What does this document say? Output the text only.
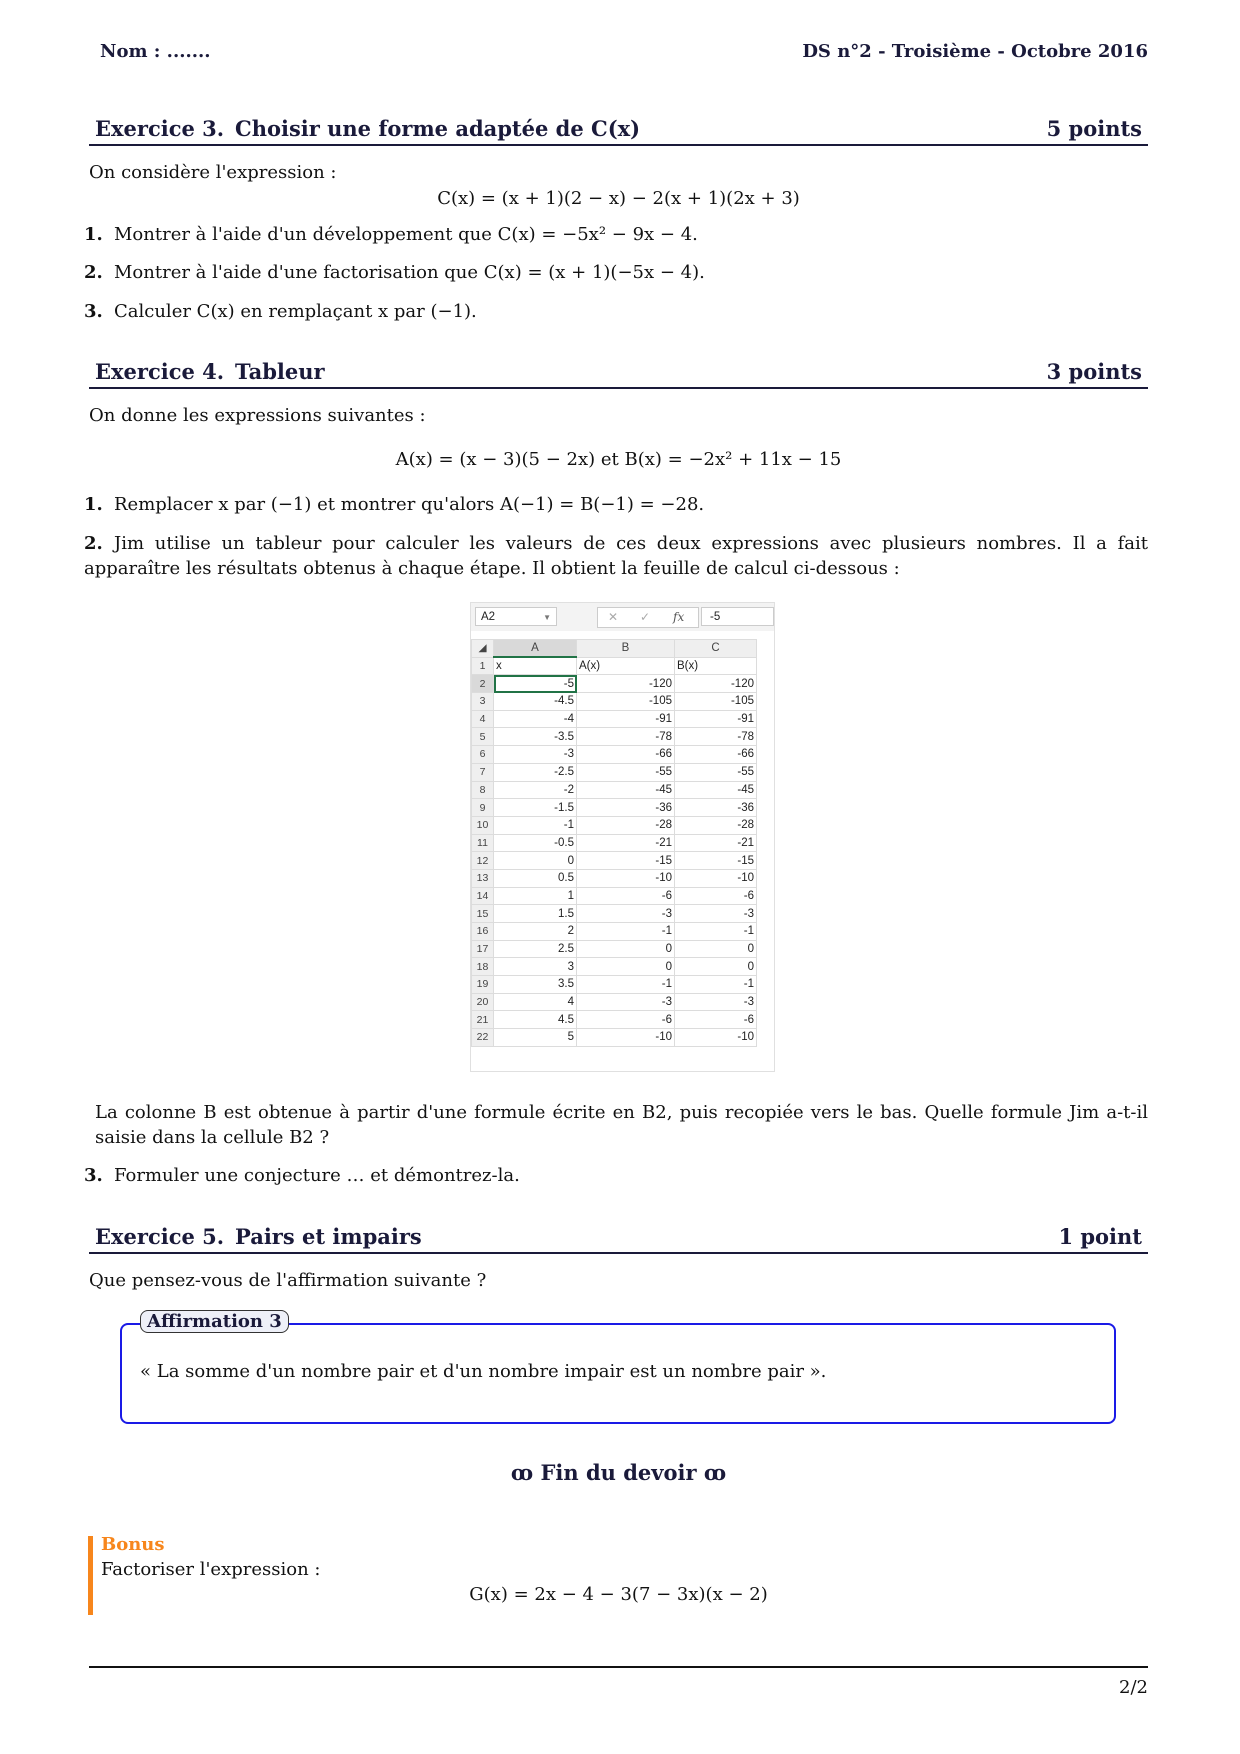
Nom : .......	DS n°2 - Troisième - Octobre 2016
Exercice 3. Choisir une forme adaptée de C(x)	5 points
On considère l'expression :
C(x) = (x + 1)(2 − x) − 2(x + 1)(2x + 3)
1. Montrer à l'aide d'un développement que C(x) = −5x² − 9x − 4.
2. Montrer à l'aide d'une factorisation que C(x) = (x + 1)(−5x − 4).
3. Calculer C(x) en remplaçant x par (−1).
Exercice 4. Tableur	3 points
On donne les expressions suivantes :
A(x) = (x − 3)(5 − 2x) et B(x) = −2x² + 11x − 15
1. Remplacer x par (−1) et montrer qu'alors A(−1) = B(−1) = −28.
2. Jim utilise un tableur pour calculer les valeurs de ces deux expressions avec plusieurs nombres. Il a fait apparaître les résultats obtenus à chaque étape. Il obtient la feuille de calcul ci-dessous :
A2	▼	✕ ✓ fx	-5
◢	A	B	C
1	x	A(x)	B(x)
2	-5	-120	-120
3	-4.5	-105	-105
4	-4	-91	-91
5	-3.5	-78	-78
6	-3	-66	-66
7	-2.5	-55	-55
8	-2	-45	-45
9	-1.5	-36	-36
10	-1	-28	-28
11	-0.5	-21	-21
12	0	-15	-15
13	0.5	-10	-10
14	1	-6	-6
15	1.5	-3	-3
16	2	-1	-1
17	2.5	0	0
18	3	0	0
19	3.5	-1	-1
20	4	-3	-3
21	4.5	-6	-6
22	5	-10	-10
La colonne B est obtenue à partir d'une formule écrite en B2, puis recopiée vers le bas. Quelle formule Jim a-t-il saisie dans la cellule B2 ?
3. Formuler une conjecture … et démontrez-la.
Exercice 5. Pairs et impairs	1 point
Que pensez-vous de l'affirmation suivante ?
Affirmation 3
« La somme d'un nombre pair et d'un nombre impair est un nombre pair ».
ꝏ Fin du devoir ꝏ
Bonus
Factoriser l'expression :
G(x) = 2x − 4 − 3(7 − 3x)(x − 2)
2/2
